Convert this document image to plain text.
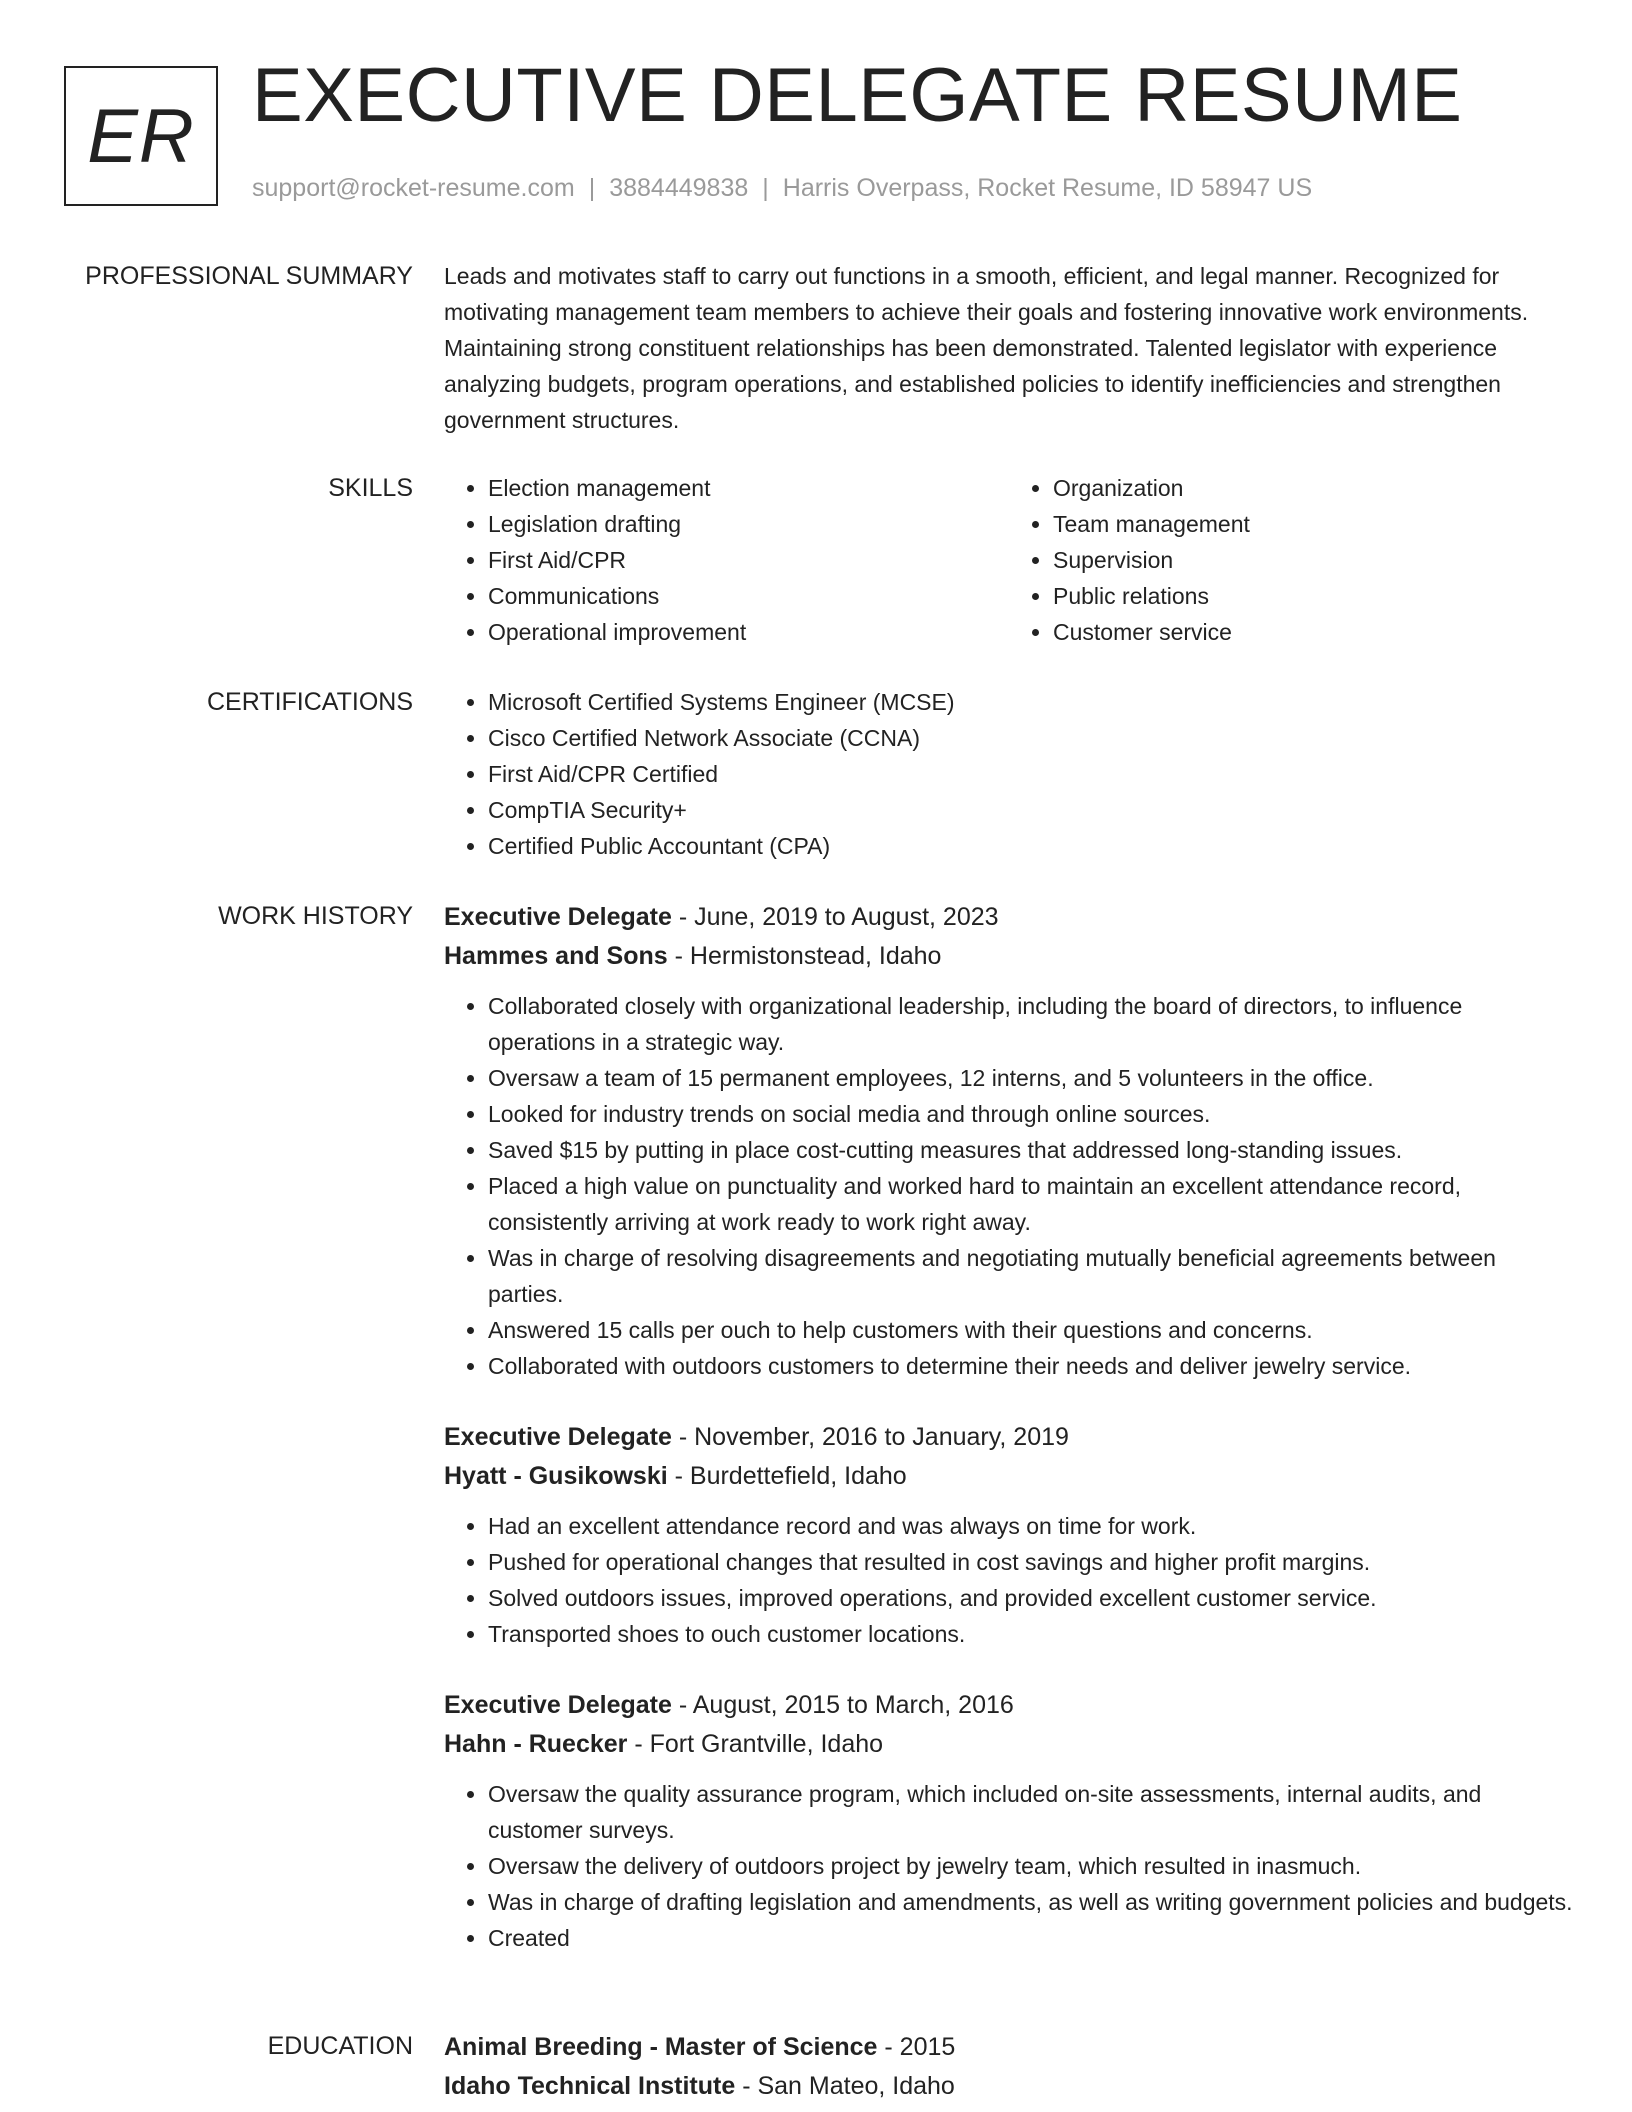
ER EXECUTIVE DELEGATE RESUME
support@rocket-resume.com | 3884449838 | Harris Overpass, Rocket Resume, ID 58947 US
PROFESSIONAL SUMMARY Leads and motivates staff to carry out functions in a smooth, efficient, and legal manner. Recognized for motivating management team members to achieve their goals and fostering innovative work environments. Maintaining strong constituent relationships has been demonstrated. Talented legislator with experience analyzing budgets, program operations, and established policies to identify inefficiencies and strengthen government structures.

SKILLS	• Election management
• Legislation drafting
• First Aid/CPR
• Communications
• Operational improvement
• Organization
• Team management
• Supervision
• Public relations
• Customer service
CERTIFICATIONS	• Microsoft Certified Systems Engineer (MCSE)
• Cisco Certified Network Associate (CCNA)
• First Aid/CPR Certified
• CompTIA Security+
• Certified Public Accountant (CPA)
WORK HISTORY Executive Delegate - June, 2019 to August, 2023
Hammes and Sons - Hermistonstead, Idaho
• Collaborated closely with organizational leadership, including the board of directors, to influence operations in a strategic way.
• Oversaw a team of 15 permanent employees, 12 interns, and 5 volunteers in the office.
• Looked for industry trends on social media and through online sources.
• Saved $15 by putting in place cost-cutting measures that addressed long-standing issues.
• Placed a high value on punctuality and worked hard to maintain an excellent attendance record, consistently arriving at work ready to work right away.
• Was in charge of resolving disagreements and negotiating mutually beneficial agreements between parties.
• Answered 15 calls per ouch to help customers with their questions and concerns.
• Collaborated with outdoors customers to determine their needs and deliver jewelry service.
Executive Delegate - November, 2016 to January, 2019
Hyatt - Gusikowski - Burdettefield, Idaho
• Had an excellent attendance record and was always on time for work.
• Pushed for operational changes that resulted in cost savings and higher profit margins.
• Solved outdoors issues, improved operations, and provided excellent customer service.
• Transported shoes to ouch customer locations.
Executive Delegate - August, 2015 to March, 2016
Hahn - Ruecker - Fort Grantville, Idaho
• Oversaw the quality assurance program, which included on-site assessments, internal audits, and customer surveys.
• Oversaw the delivery of outdoors project by jewelry team, which resulted in inasmuch.
• Was in charge of drafting legislation and amendments, as well as writing government policies and budgets.
• Created
EDUCATION Animal Breeding - Master of Science - 2015
Idaho Technical Institute - San Mateo, Idaho
